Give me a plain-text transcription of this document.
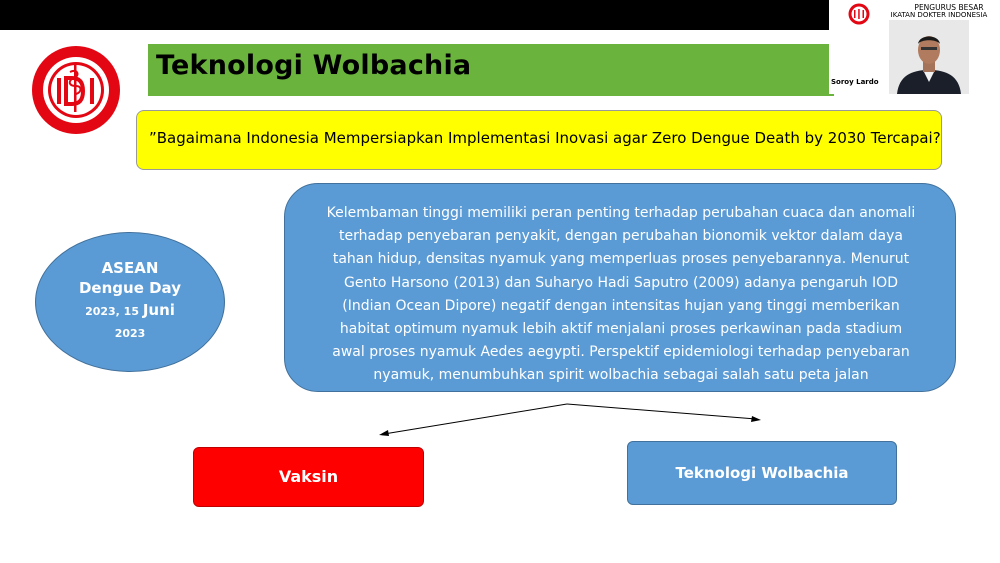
Teknologi Wolbachia
”Bagaimana Indonesia Mempersiapkan Implementasi Inovasi agar Zero Dengue Death by 2030 Tercapai?
ASEAN
Dengue Day
2023, 15 Juni
2023
Kelembaman tinggi memiliki peran penting terhadap perubahan cuaca dan anomali
terhadap penyebaran penyakit, dengan perubahan bionomik vektor dalam daya
tahan hidup, densitas nyamuk yang memperluas proses penyebarannya. Menurut
Gento Harsono (2013) dan Suharyo Hadi Saputro (2009) adanya pengaruh IOD
(Indian Ocean Dipore) negatif dengan intensitas hujan yang tinggi memberikan
habitat optimum nyamuk lebih aktif menjalani proses perkawinan pada stadium
awal proses nyamuk Aedes aegypti. Perspektif epidemiologi terhadap penyebaran
nyamuk, menumbuhkan spirit wolbachia sebagai salah satu peta jalan
Vaksin	Teknologi Wolbachia
PENGURUS BESAR
IKATAN DOKTER INDONESIA
Soroy Lardo
